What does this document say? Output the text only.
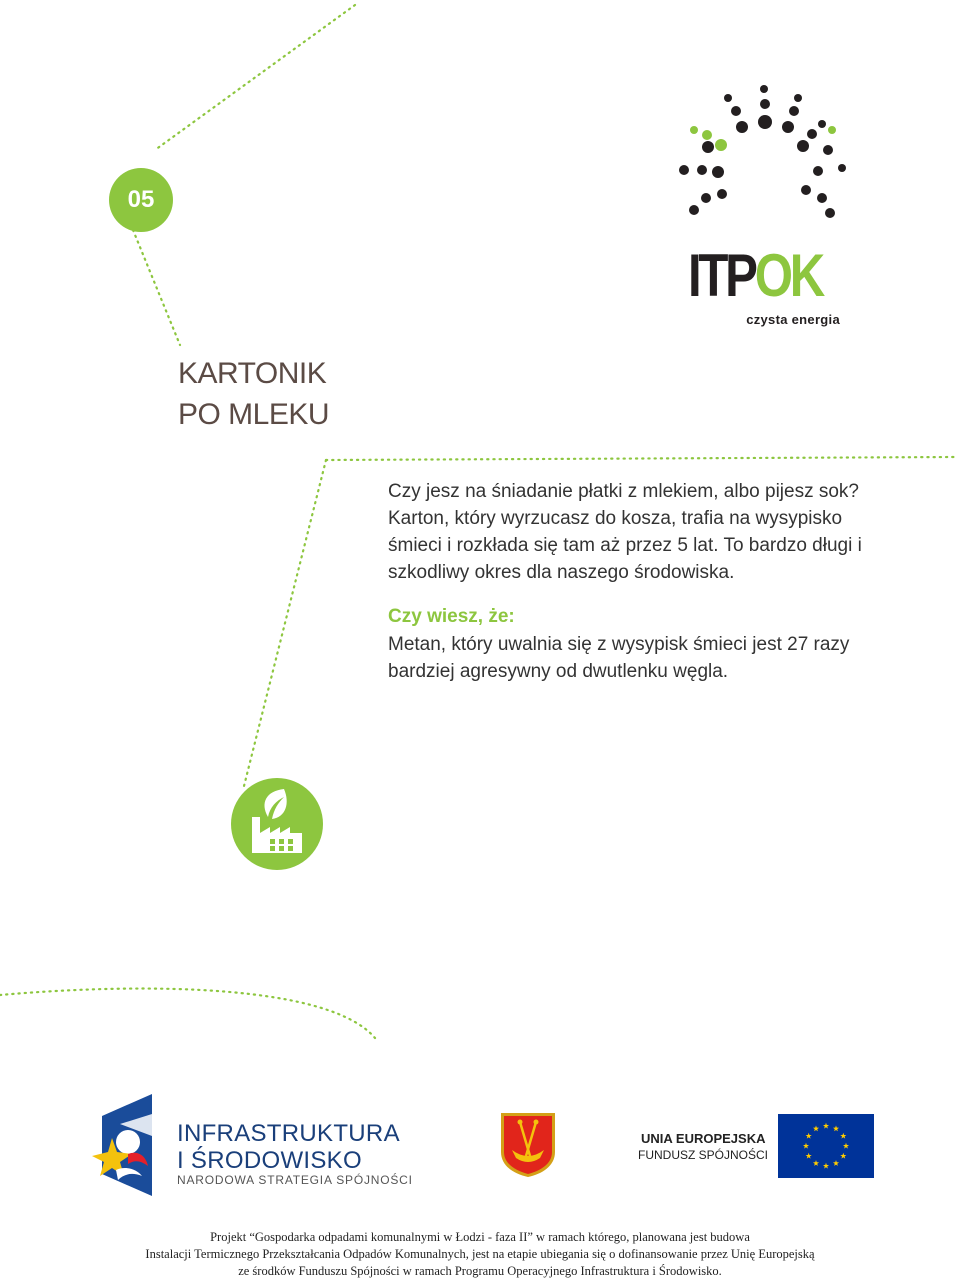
05
KARTONIK
PO MLEKU
Czy jesz na śniadanie płatki z mlekiem, albo pijesz sok? Karton, który wyrzucasz do kosza, trafia na wysypisko śmieci i rozkłada się tam aż przez 5 lat. To bardzo długi i szkodliwy okres dla naszego środowiska.
Czy wiesz, że:
Metan, który uwalnia się z wysypisk śmieci jest 27 razy bardziej agresywny od dwutlenku węgla.
ITPOK
czysta energia
INFRASTRUKTURA
I ŚRODOWISKO
NARODOWA STRATEGIA SPÓJNOŚCI
UNIA EUROPEJSKA
FUNDUSZ SPÓJNOŚCI
Projekt “Gospodarka odpadami komunalnymi w Łodzi - faza II” w ramach którego, planowana jest budowa
Instalacji Termicznego Przekształcania Odpadów Komunalnych, jest na etapie ubiegania się o dofinansowanie przez Unię Europejską
ze środków Funduszu Spójności w ramach Programu Operacyjnego Infrastruktura i Środowisko.
